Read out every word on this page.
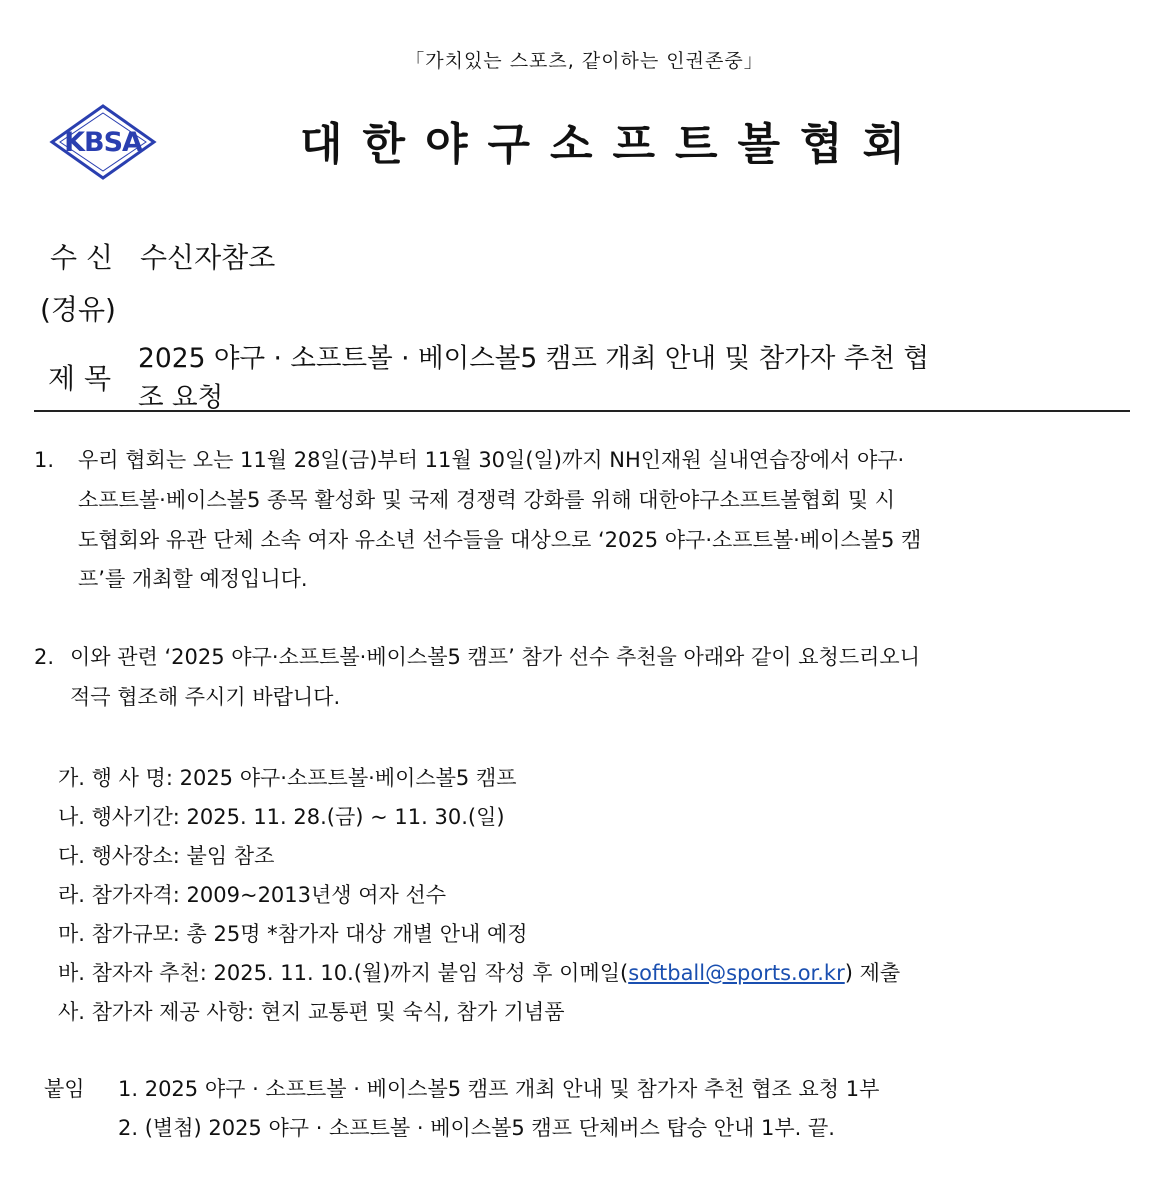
「가치있는 스포츠, 같이하는 인권존중」
KBSA	대한야구소프트볼협회
수 신 수신자참조
(경유)
제 목
2025 야구 · 소프트볼 · 베이스볼5 캠프 개최 안내 및 참가자 추천 협
조 요청
1. 우리 협회는 오는 11월 28일(금)부터 11월 30일(일)까지 NH인재원 실내연습장에서 야구·
소프트볼·베이스볼5 종목 활성화 및 국제 경쟁력 강화를 위해 대한야구소프트볼협회 및 시
도협회와 유관 단체 소속 여자 유소년 선수들을 대상으로 ‘2025 야구·소프트볼·베이스볼5 캠
프’를 개최할 예정입니다.
2. 이와 관련 ‘2025 야구·소프트볼·베이스볼5 캠프’ 참가 선수 추천을 아래와 같이 요청드리오니
적극 협조해 주시기 바랍니다.
가. 행 사 명: 2025 야구·소프트볼·베이스볼5 캠프
나. 행사기간: 2025. 11. 28.(금) ~ 11. 30.(일)
다. 행사장소: 붙임 참조
라. 참가자격: 2009~2013년생 여자 선수
마. 참가규모: 총 25명 *참가자 대상 개별 안내 예정
바. 참자자 추천: 2025. 11. 10.(월)까지 붙임 작성 후 이메일(softball@sports.or.kr) 제출
사. 참가자 제공 사항: 현지 교통편 및 숙식, 참가 기념품
붙임 1. 2025 야구 · 소프트볼 · 베이스볼5 캠프 개최 안내 및 참가자 추천 협조 요청 1부
2. (별첨) 2025 야구 · 소프트볼 · 베이스볼5 캠프 단체버스 탑승 안내 1부. 끝.
